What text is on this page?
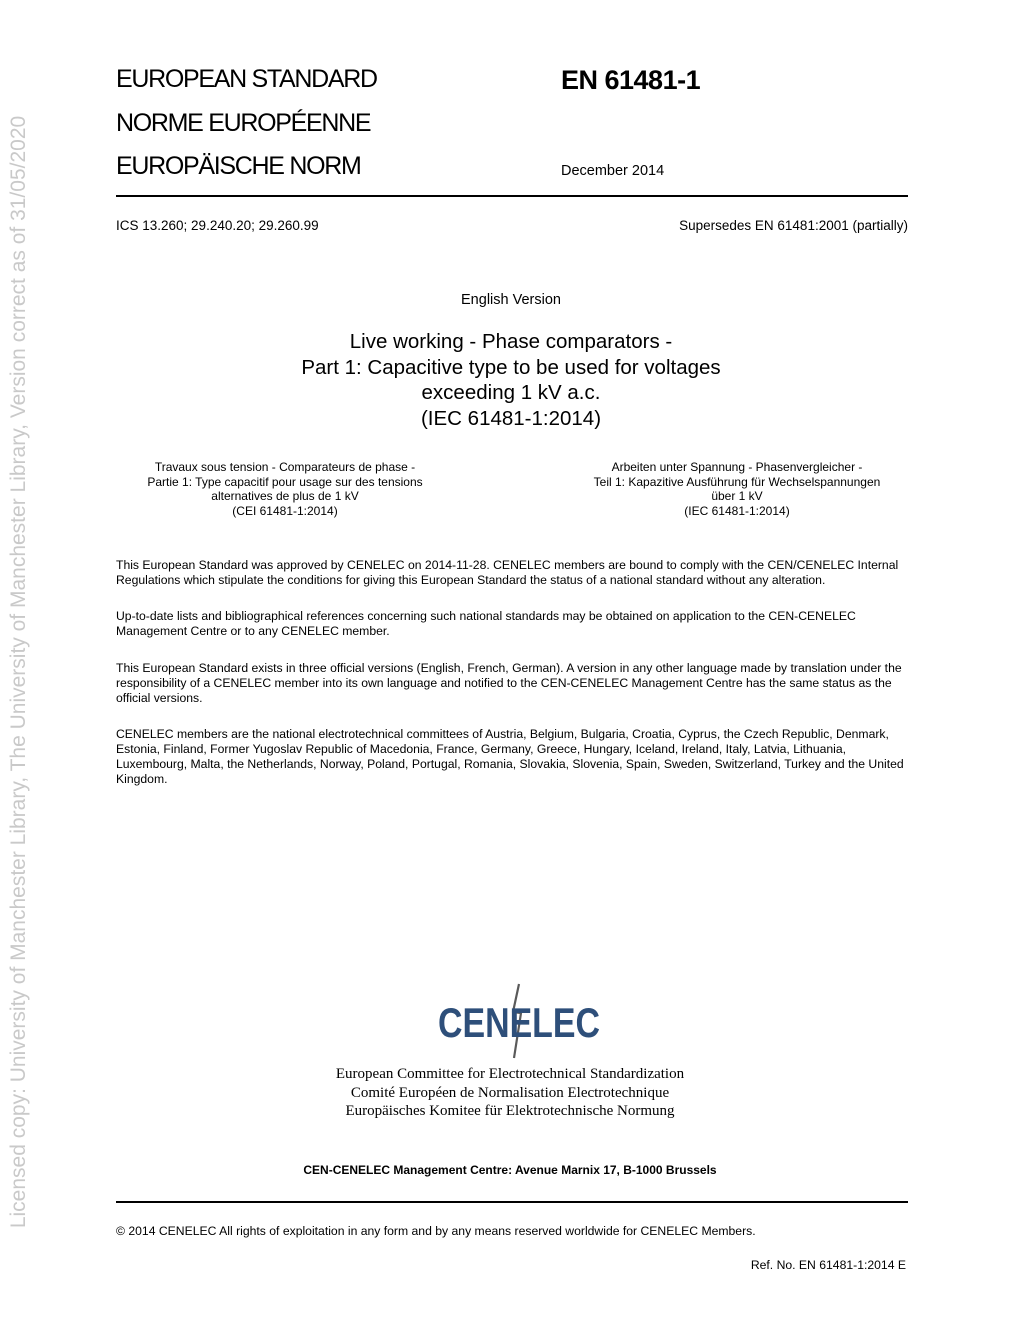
Licensed copy: University of Manchester Library, The University of Manchester Library, Version correct as of 31/05/2020
EUROPEAN STANDARD
NORME EUROPÉENNE
EUROPÄISCHE NORM
EN 61481-1
December 2014
ICS 13.260; 29.240.20; 29.260.99	Supersedes EN 61481:2001 (partially)
English Version
Live working - Phase comparators -
Part 1: Capacitive type to be used for voltages
exceeding 1 kV a.c.
(IEC 61481-1:2014)
Travaux sous tension - Comparateurs de phase -
Partie 1: Type capacitif pour usage sur des tensions
alternatives de plus de 1 kV
(CEI 61481-1:2014)
Arbeiten unter Spannung - Phasenvergleicher -
Teil 1: Kapazitive Ausführung für Wechselspannungen
über 1 kV
(IEC 61481-1:2014)
This European Standard was approved by CENELEC on 2014-11-28. CENELEC members are bound to comply with the CEN/CENELEC Internal Regulations which stipulate the conditions for giving this European Standard the status of a national standard without any alteration.
Up-to-date lists and bibliographical references concerning such national standards may be obtained on application to the CEN-CENELEC Management Centre or to any CENELEC member.
This European Standard exists in three official versions (English, French, German). A version in any other language made by translation under the responsibility of a CENELEC member into its own language and notified to the CEN-CENELEC Management Centre has the same status as the official versions.
CENELEC members are the national electrotechnical committees of Austria, Belgium, Bulgaria, Croatia, Cyprus, the Czech Republic, Denmark, Estonia, Finland, Former Yugoslav Republic of Macedonia, France, Germany, Greece, Hungary, Iceland, Ireland, Italy, Latvia, Lithuania, Luxembourg, Malta, the Netherlands, Norway, Poland, Portugal, Romania, Slovakia, Slovenia, Spain, Sweden, Switzerland, Turkey and the United Kingdom.
CENELEC
European Committee for Electrotechnical Standardization
Comité Européen de Normalisation Electrotechnique
Europäisches Komitee für Elektrotechnische Normung
CEN-CENELEC Management Centre: Avenue Marnix 17, B-1000 Brussels
© 2014 CENELEC All rights of exploitation in any form and by any means reserved worldwide for CENELEC Members.
Ref. No. EN 61481-1:2014 E
